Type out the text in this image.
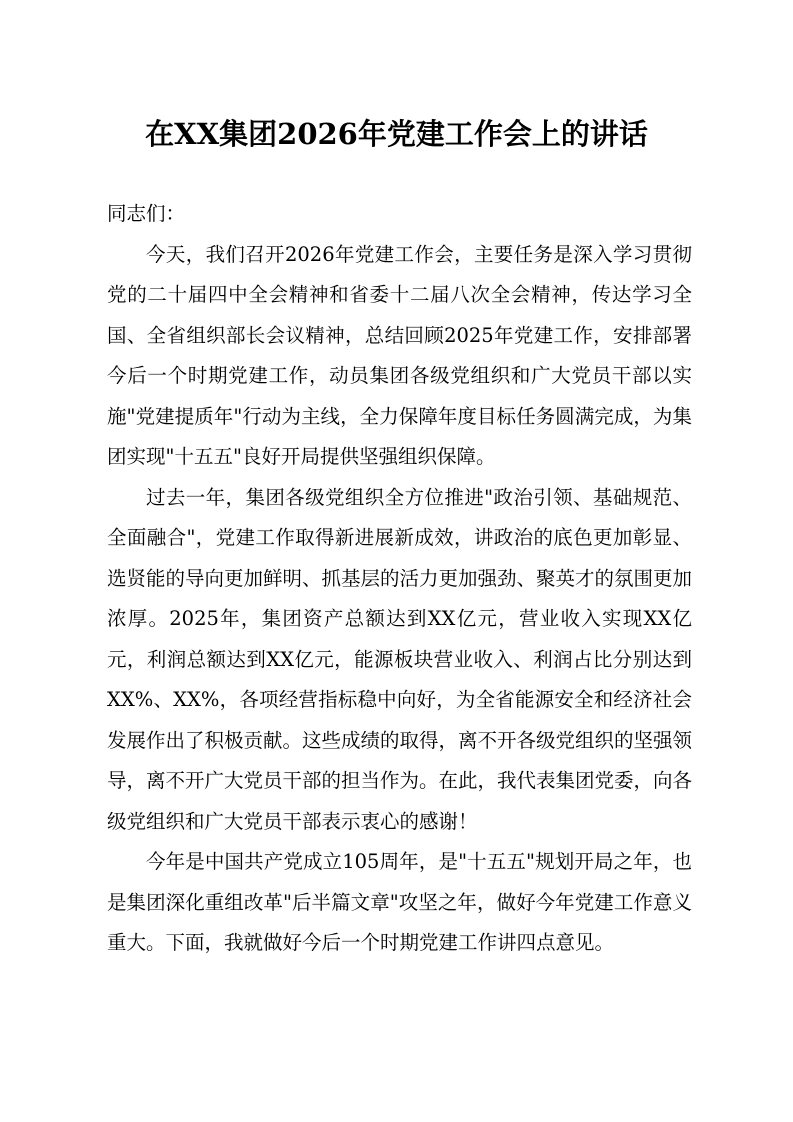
在XX集团2026年党建工作会上的讲话

同志们：

今天，我们召开2026年党建工作会，主要任务是深入学习贯彻党的二十届四中全会精神和省委十二届八次全会精神，传达学习全国、全省组织部长会议精神，总结回顾2025年党建工作，安排部署今后一个时期党建工作，动员集团各级党组织和广大党员干部以实施"党建提质年"行动为主线，全力保障年度目标任务圆满完成，为集团实现"十五五"良好开局提供坚强组织保障。

过去一年，集团各级党组织全方位推进"政治引领、基础规范、全面融合"，党建工作取得新进展新成效，讲政治的底色更加彰显、选贤能的导向更加鲜明、抓基层的活力更加强劲、聚英才的氛围更加浓厚。2025年，集团资产总额达到XX亿元，营业收入实现XX亿元，利润总额达到XX亿元，能源板块营业收入、利润占比分别达到XX%、XX%，各项经营指标稳中向好，为全省能源安全和经济社会发展作出了积极贡献。这些成绩的取得，离不开各级党组织的坚强领导，离不开广大党员干部的担当作为。在此，我代表集团党委，向各级党组织和广大党员干部表示衷心的感谢！

今年是中国共产党成立105周年，是"十五五"规划开局之年，也是集团深化重组改革"后半篇文章"攻坚之年，做好今年党建工作意义重大。下面，我就做好今后一个时期党建工作讲四点意见。
